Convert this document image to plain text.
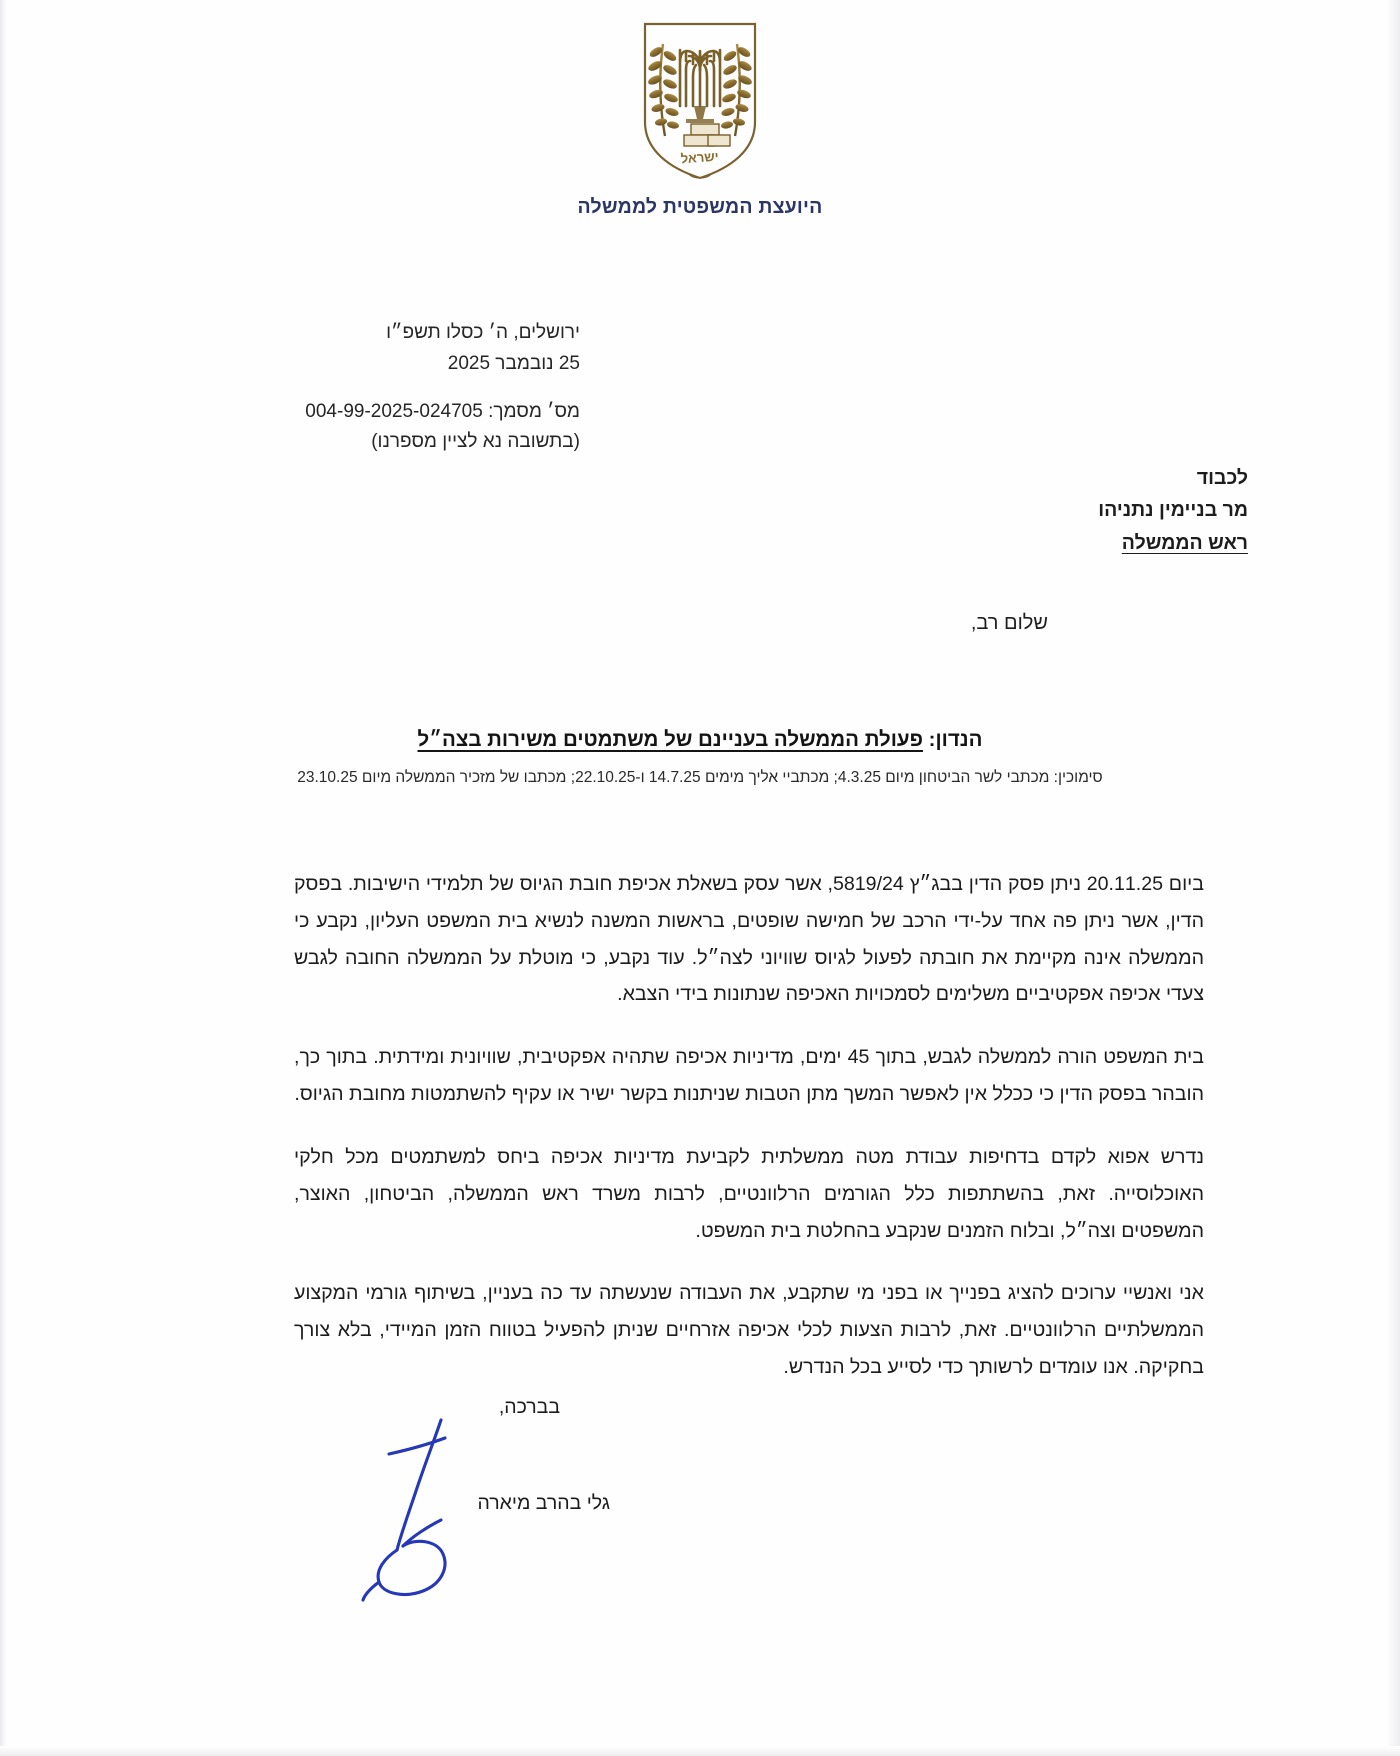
ישראל
היועצת המשפטית לממשלה
ירושלים, ה׳ כסלו תשפ״ו
25 נובמבר 2025
מס׳ מסמך: 004-99-2025-024705
(בתשובה נא לציין מספרנו)
לכבוד
מר בניימין נתניהו
ראש הממשלה
שלום רב,
הנדון: פעולת הממשלה בעניינם של משתמטים משירות בצה״ל
סימוכין: מכתבי לשר הביטחון מיום 4.3.25; מכתביי אליך מימים 14.7.25 ו-22.10.25; מכתבו של מזכיר הממשלה מיום 23.10.25

ביום 20.11.25 ניתן פסק הדין בבג״ץ 5819/24, אשר עסק בשאלת אכיפת חובת הגיוס של תלמידי הישיבות. בפסק הדין, אשר ניתן פה אחד על-ידי הרכב של חמישה שופטים, בראשות המשנה לנשיא בית המשפט העליון, נקבע כי הממשלה אינה מקיימת את חובתה לפעול לגיוס שוויוני לצה״ל. עוד נקבע, כי מוטלת על הממשלה החובה לגבש צעדי אכיפה אפקטיביים משלימים לסמכויות האכיפה שנתונות בידי הצבא.

בית המשפט הורה לממשלה לגבש, בתוך 45 ימים, מדיניות אכיפה שתהיה אפקטיבית, שוויונית ומידתית. בתוך כך, הובהר בפסק הדין כי ככלל אין לאפשר המשך מתן הטבות שניתנות בקשר ישיר או עקיף להשתמטות מחובת הגיוס.

נדרש אפוא לקדם בדחיפות עבודת מטה ממשלתית לקביעת מדיניות אכיפה ביחס למשתמטים מכל חלקי האוכלוסייה. זאת, בהשתתפות כלל הגורמים הרלוונטיים, לרבות משרד ראש הממשלה, הביטחון, האוצר, המשפטים וצה״ל, ובלוח הזמנים שנקבע בהחלטת בית המשפט.

אני ואנשיי ערוכים להציג בפנייך או בפני מי שתקבע, את העבודה שנעשתה עד כה בעניין, בשיתוף גורמי המקצוע הממשלתיים הרלוונטיים. זאת, לרבות הצעות לכלי אכיפה אזרחיים שניתן להפעיל בטווח הזמן המיידי, בלא צורך בחקיקה. אנו עומדים לרשותך כדי לסייע בכל הנדרש.

בברכה,
גלי בהרב מיארה
